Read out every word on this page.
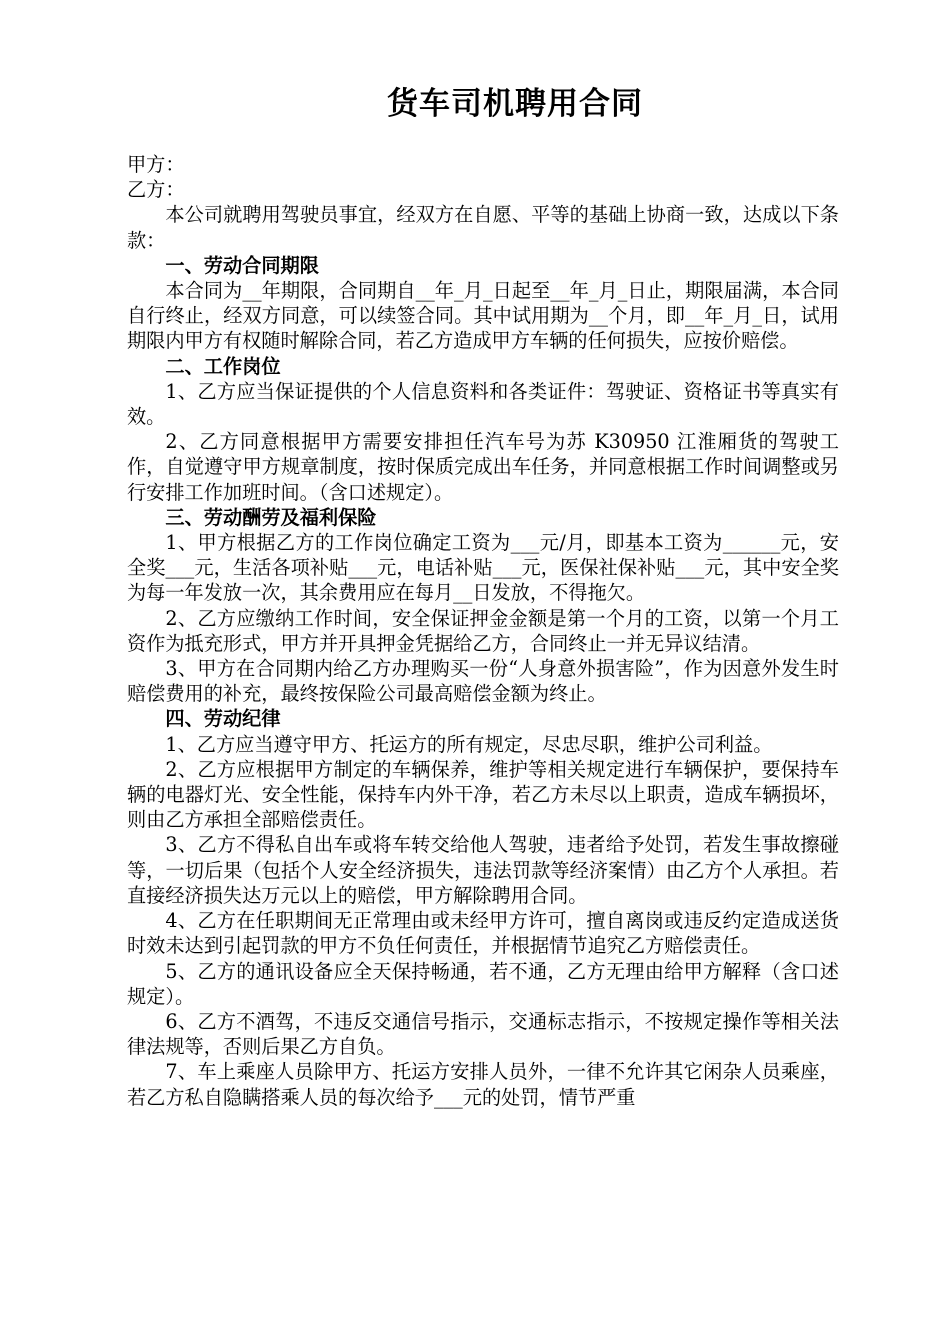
货车司机聘用合同

甲方：

乙方：

本公司就聘用驾驶员事宜，经双方在自愿、平等的基础上协商一致，达成以下条款：

一、劳动合同期限

本合同为__年期限，合同期自__年_月_日起至__年_月_日止，期限届满，本合同自行终止，经双方同意，可以续签合同。其中试用期为__个月，即__年_月_日，试用期限内甲方有权随时解除合同，若乙方造成甲方车辆的任何损失，应按价赔偿。

二、工作岗位

1、乙方应当保证提供的个人信息资料和各类证件：驾驶证、资格证书等真实有效。

2、乙方同意根据甲方需要安排担任汽车号为苏 K30950 江淮厢货的驾驶工作，自觉遵守甲方规章制度，按时保质完成出车任务，并同意根据工作时间调整或另行安排工作加班时间。（含口述规定）。

三、劳动酬劳及福利保险

1、甲方根据乙方的工作岗位确定工资为___元/月，即基本工资为______元，安全奖___元，生活各项补贴___元，电话补贴___元，医保社保补贴___元，其中安全奖为每一年发放一次，其余费用应在每月__日发放，不得拖欠。

2、乙方应缴纳工作时间，安全保证押金金额是第一个月的工资，以第一个月工资作为抵充形式，甲方并开具押金凭据给乙方，合同终止一并无异议结清。

3、甲方在合同期内给乙方办理购买一份“人身意外损害险”，作为因意外发生时赔偿费用的补充，最终按保险公司最高赔偿金额为终止。

四、劳动纪律

1、乙方应当遵守甲方、托运方的所有规定，尽忠尽职，维护公司利益。

2、乙方应根据甲方制定的车辆保养，维护等相关规定进行车辆保护，要保持车辆的电器灯光、安全性能，保持车内外干净，若乙方未尽以上职责，造成车辆损坏，则由乙方承担全部赔偿责任。

3、乙方不得私自出车或将车转交给他人驾驶，违者给予处罚，若发生事故擦碰等，一切后果（包括个人安全经济损失，违法罚款等经济案情）由乙方个人承担。若直接经济损失达万元以上的赔偿，甲方解除聘用合同。

4、乙方在任职期间无正常理由或未经甲方许可，擅自离岗或违反约定造成送货时效未达到引起罚款的甲方不负任何责任，并根据情节追究乙方赔偿责任。

5、乙方的通讯设备应全天保持畅通，若不通，乙方无理由给甲方解释（含口述规定）。

6、乙方不酒驾，不违反交通信号指示，交通标志指示，不按规定操作等相关法律法规等，否则后果乙方自负。

7、车上乘座人员除甲方、托运方安排人员外，一律不允许其它闲杂人员乘座，若乙方私自隐瞒搭乘人员的每次给予___元的处罚，情节严重
